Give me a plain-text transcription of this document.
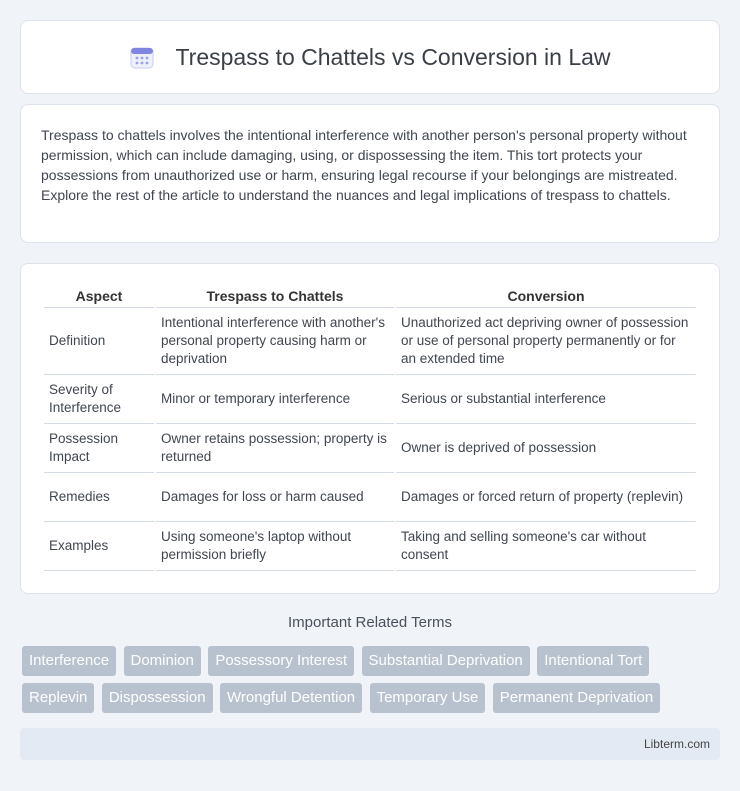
Trespass to Chattels vs Conversion in Law

Trespass to chattels involves the intentional interference with another person's personal property without permission, which can include damaging, using, or dispossessing the item. This tort protects your possessions from unauthorized use or harm, ensuring legal recourse if your belongings are mistreated. Explore the rest of the article to understand the nuances and legal implications of trespass to chattels.

Aspect	Trespass to Chattels	Conversion
Definition	Intentional interference with another's personal property causing harm or deprivation	Unauthorized act depriving owner of possession or use of personal property permanently or for an extended time
Severity of Interference	Minor or temporary interference	Serious or substantial interference
Possession Impact	Owner retains possession; property is returned	Owner is deprived of possession
Remedies	Damages for loss or harm caused	Damages or forced return of property (replevin)
Examples	Using someone's laptop without permission briefly	Taking and selling someone's car without consent
Important Related Terms
Interference Dominion Possessory Interest Substantial Deprivation Intentional Tort Replevin Dispossession Wrongful Detention Temporary Use Permanent Deprivation
Libterm.com
